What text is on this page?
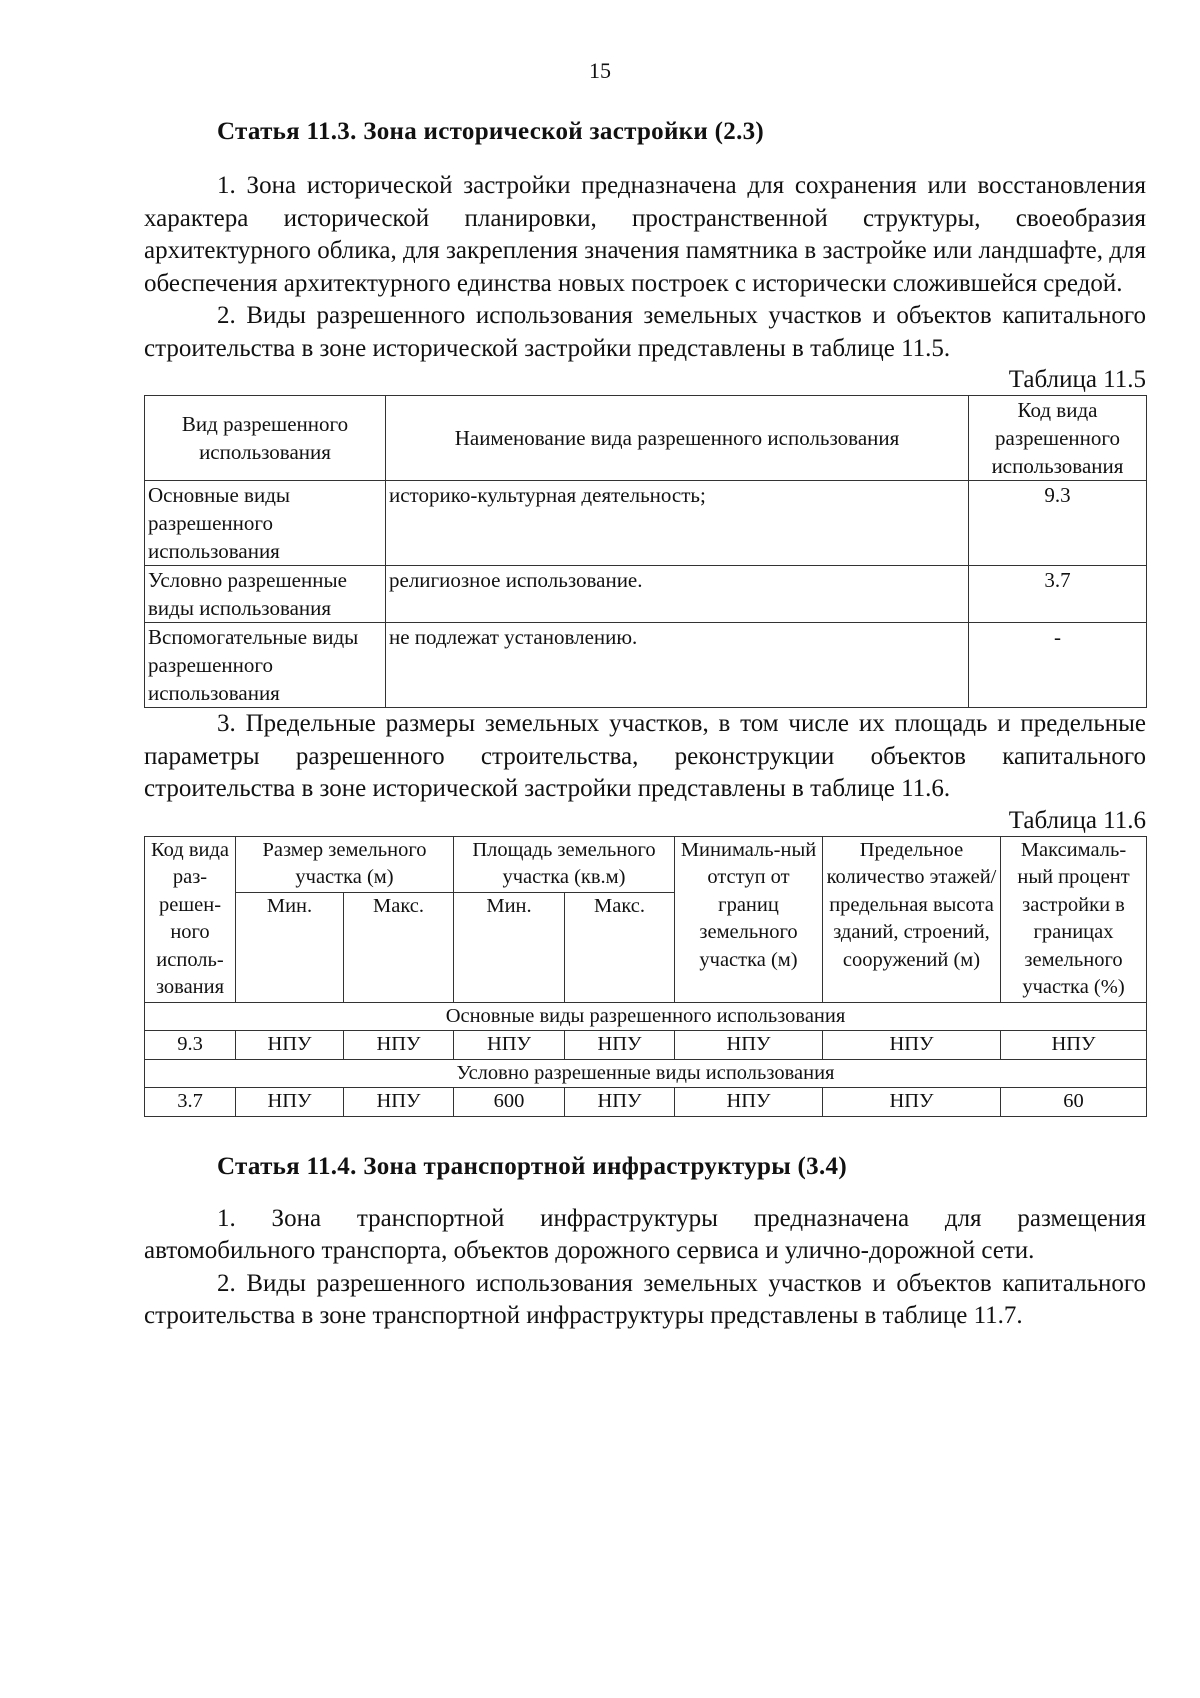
15
Статья 11.3. Зона исторической застройки (2.3)

1. Зона исторической застройки предназначена для сохранения или восстановления характера исторической планировки, пространственной структуры, своеобразия архитектурного облика, для закрепления значения памятника в застройке или ландшафте, для обеспечения архитектурного единства новых построек с исторически сложившейся средой.

2. Виды разрешенного использования земельных участков и объектов капитального строительства в зоне исторической застройки представлены в таблице 11.5.

Таблица 11.5

Вид разрешенного использования	Наименование вида разрешенного использования	Код вида разрешенного использования
Основные виды разрешенного использования	историко-культурная деятельность;	9.3
Условно разрешенные виды использования	религиозное использование.	3.7
Вспомогательные виды разрешенного использования	не подлежат установлению.	-

3. Предельные размеры земельных участков, в том числе их площадь и предельные параметры разрешенного строительства, реконструкции объектов капитального строительства в зоне исторической застройки представлены в таблице 11.6.

Таблица 11.6

Код вида раз-решен-ного исполь-зования	Размер земельного участка (м)		Площадь земельного участка (кв.м)		Минималь-ный отступ от границ земельного участка (м)	Предельное количество этажей/ предельная высота зданий, строений, сооружений (м)	Максималь-ный процент застройки в границах земельного участка (%)
	Мин.	Макс.	Мин.	Макс.			
Основные виды разрешенного использования							
9.3	НПУ	НПУ	НПУ	НПУ	НПУ	НПУ	НПУ
Условно разрешенные виды использования							
3.7	НПУ	НПУ	600	НПУ	НПУ	НПУ	60
Статья 11.4. Зона транспортной инфраструктуры (3.4)

1. Зона транспортной инфраструктуры предназначена для размещения автомобильного транспорта, объектов дорожного сервиса и улично-дорожной сети.

2. Виды разрешенного использования земельных участков и объектов капитального строительства в зоне транспортной инфраструктуры представлены в таблице 11.7.
